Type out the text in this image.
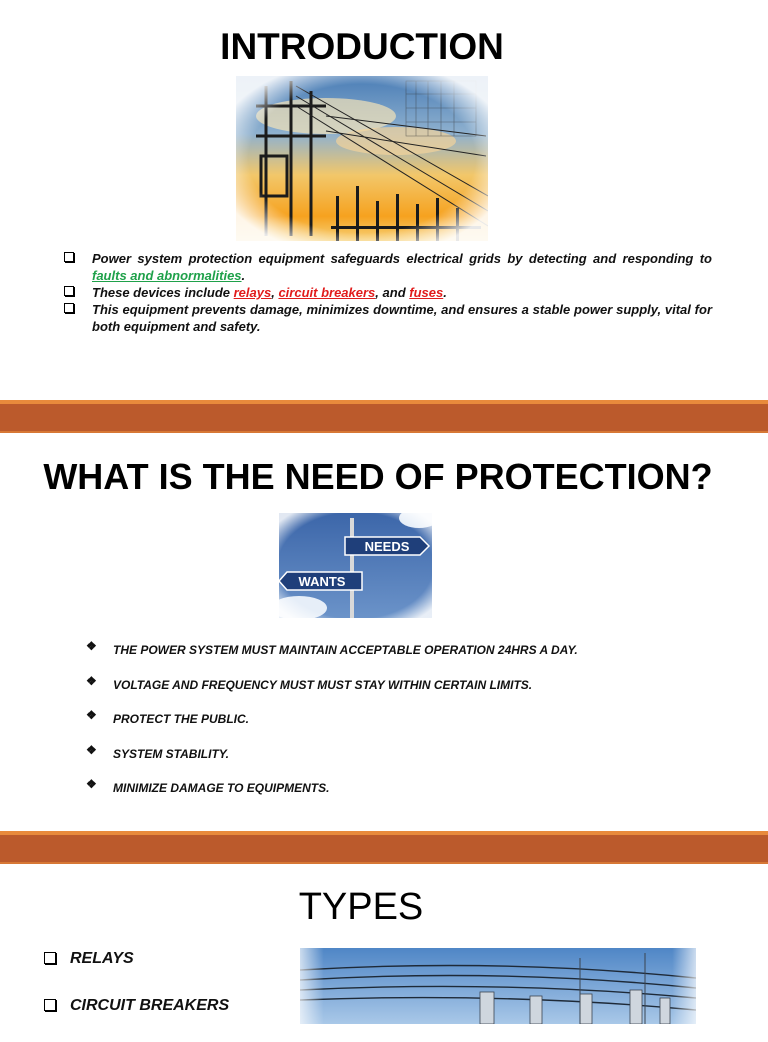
INTRODUCTION
Power system protection equipment safeguards electrical grids by detecting and responding to faults and abnormalities.
These devices include relays, circuit breakers, and fuses.
This equipment prevents damage, minimizes downtime, and ensures a stable power supply, vital for both equipment and safety.
WHAT IS THE NEED OF PROTECTION?
❖ THE POWER SYSTEM MUST MAINTAIN ACCEPTABLE OPERATION 24HRS A DAY.
❖ VOLTAGE AND FREQUENCY MUST MUST STAY WITHIN CERTAIN LIMITS.
❖ PROTECT THE PUBLIC.
❖ SYSTEM STABILITY.
❖ MINIMIZE DAMAGE TO EQUIPMENTS.
TYPES
RELAYS
CIRCUIT BREAKERS
